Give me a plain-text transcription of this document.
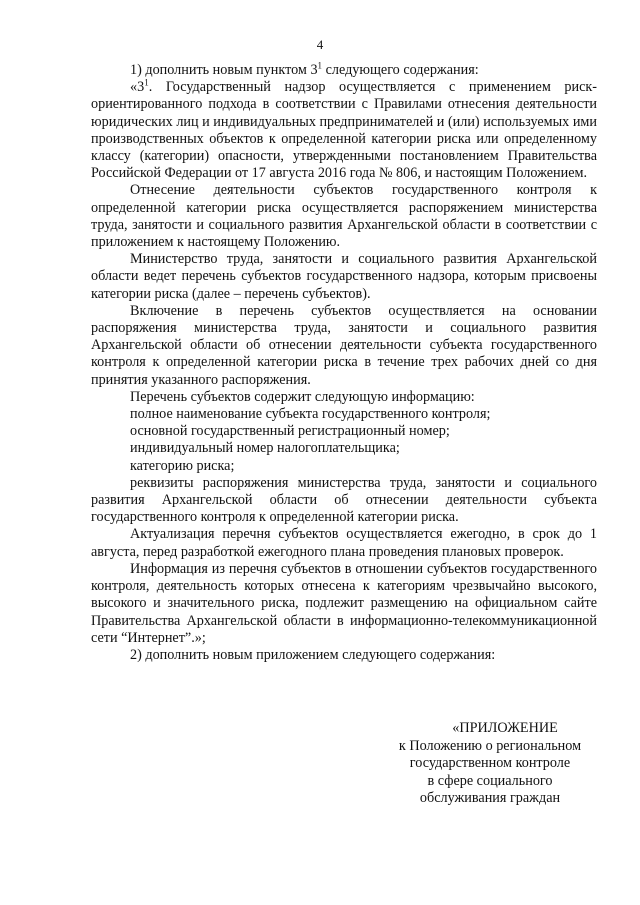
4

1) дополнить новым пунктом $3^1$ следующего содержания:

«$3^1$. Государственный надзор осуществляется с применением риск-ориентированного подхода в соответствии с Правилами отнесения деятельности юридических лиц и индивидуальных предпринимателей и (или) используемых ими производственных объектов к определенной категории риска или определенному классу (категории) опасности, утвержденными постановлением Правительства Российской Федерации от 17 августа 2016 года № 806, и настоящим Положением.

Отнесение деятельности субъектов государственного контроля к определенной категории риска осуществляется распоряжением министерства труда, занятости и социального развития Архангельской области в соответствии с приложением к настоящему Положению.

Министерство труда, занятости и социального развития Архангельской области ведет перечень субъектов государственного надзора, которым присвоены категории риска (далее – перечень субъектов).

Включение в перечень субъектов осуществляется на основании распоряжения министерства труда, занятости и социального развития Архангельской области об отнесении деятельности субъекта государственного контроля к определенной категории риска в течение трех рабочих дней со дня принятия указанного распоряжения.

Перечень субъектов содержит следующую информацию:

полное наименование субъекта государственного контроля;

основной государственный регистрационный номер;

индивидуальный номер налогоплательщика;

категорию риска;

реквизиты распоряжения министерства труда, занятости и социального развития Архангельской области об отнесении деятельности субъекта государственного контроля к определенной категории риска.

Актуализация перечня субъектов осуществляется ежегодно, в срок до 1 августа, перед разработкой ежегодного плана проведения плановых проверок.

Информация из перечня субъектов в отношении субъектов государственного контроля, деятельность которых отнесена к категориям чрезвычайно высокого, высокого и значительного риска, подлежит размещению на официальном сайте Правительства Архангельской области в информационно-телекоммуникационной сети “Интернет”.»;

2) дополнить новым приложением следующего содержания:

«ПРИЛОЖЕНИЕ
к Положению о региональном
государственном контроле
в сфере социального
обслуживания граждан
